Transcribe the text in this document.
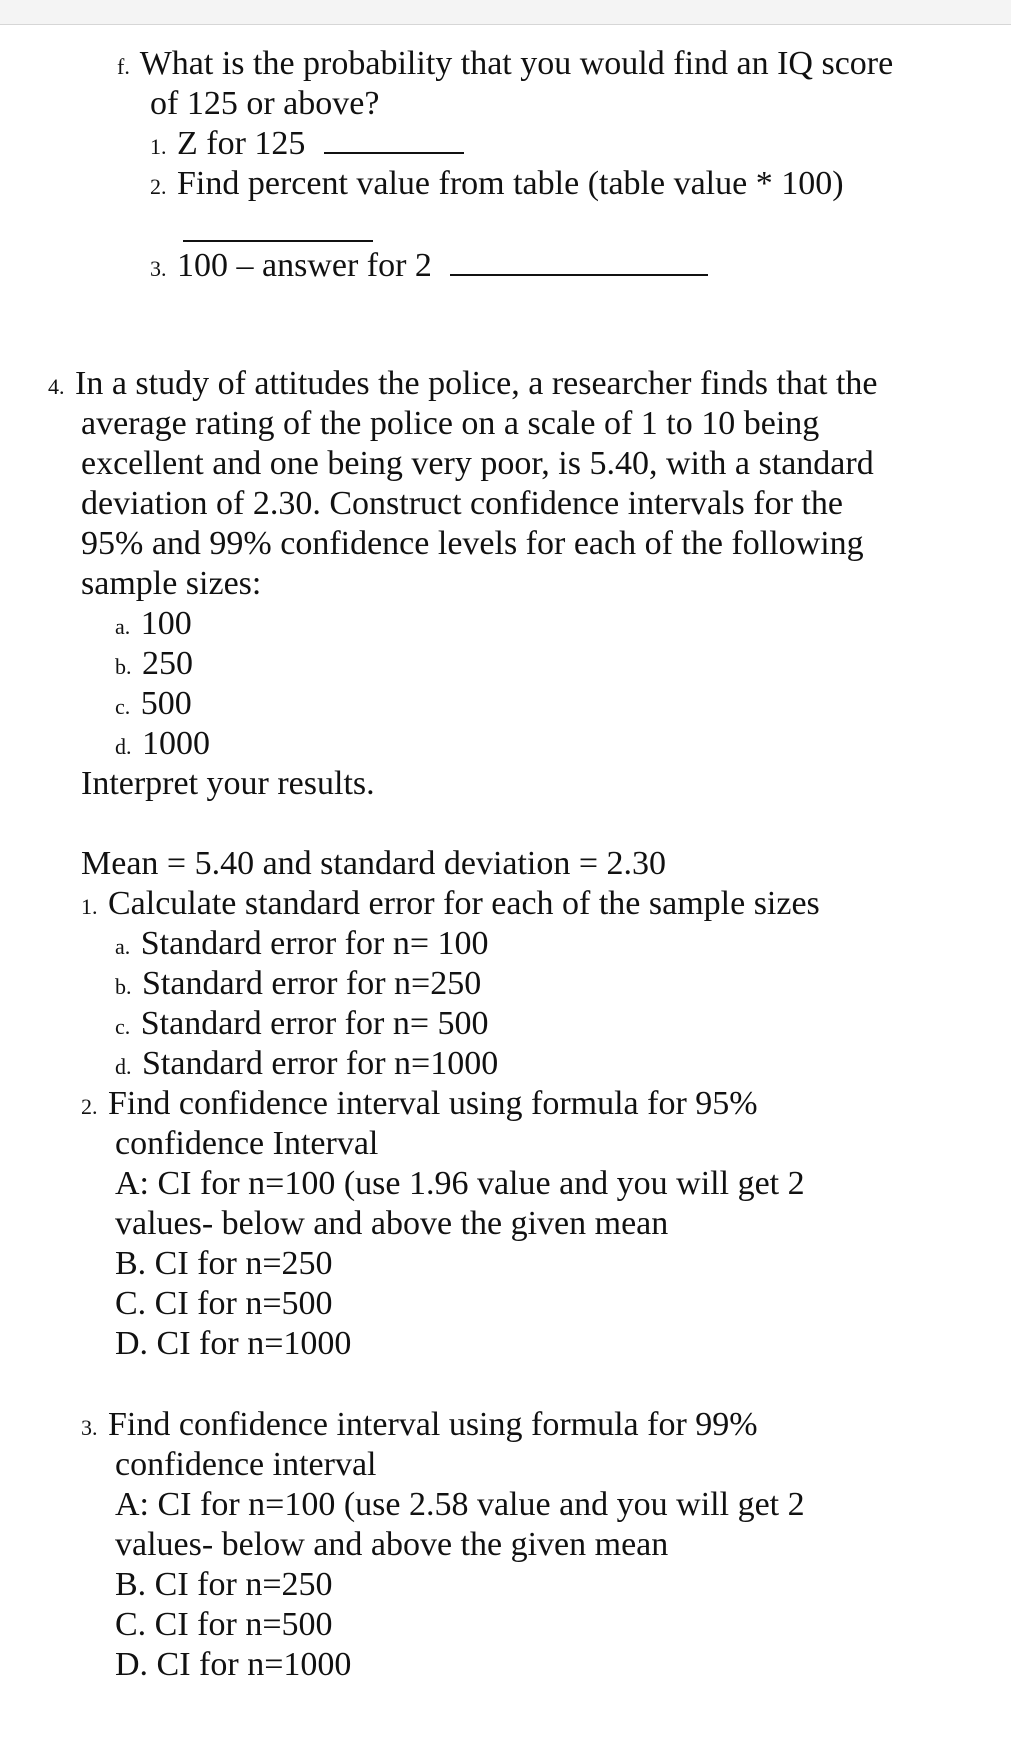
f. What is the probability that you would find an IQ score
of 125 or above?
1. Z for 125
2. Find percent value from table (table value * 100)
3. 100 – answer for 2
4. In a study of attitudes the police, a researcher finds that the
average rating of the police on a scale of 1 to 10 being
excellent and one being very poor, is 5.40, with a standard
deviation of 2.30. Construct confidence intervals for the
95% and 99% confidence levels for each of the following
sample sizes:
a. 100
b. 250
c. 500
d. 1000
Interpret your results.
Mean = 5.40 and standard deviation = 2.30
1. Calculate standard error for each of the sample sizes
a. Standard error for n= 100
b. Standard error for n=250
c. Standard error for n= 500
d. Standard error for n=1000
2. Find confidence interval using formula for 95%
confidence Interval
A: CI for n=100 (use 1.96 value and you will get 2
values- below and above the given mean
B. CI for n=250
C. CI for n=500
D. CI for n=1000
3. Find confidence interval using formula for 99%
confidence interval
A: CI for n=100 (use 2.58 value and you will get 2
values- below and above the given mean
B. CI for n=250
C. CI for n=500
D. CI for n=1000
